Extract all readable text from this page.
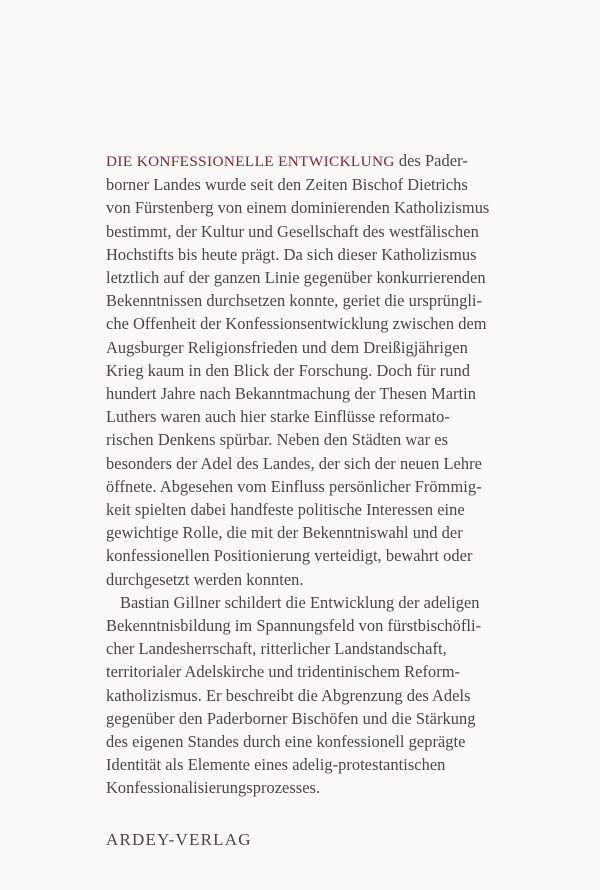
DIE KONFESSIONELLE ENTWICKLUNG des Pader-
borner Landes wurde seit den Zeiten Bischof Dietrichs
von Fürstenberg von einem dominierenden Katholizismus
bestimmt, der Kultur und Gesellschaft des westfälischen
Hochstifts bis heute prägt. Da sich dieser Katholizismus
letztlich auf der ganzen Linie gegenüber konkurrierenden
Bekenntnissen durchsetzen konnte, geriet die ursprüngli-
che Offenheit der Konfessionsentwicklung zwischen dem
Augsburger Religionsfrieden und dem Dreißigjährigen
Krieg kaum in den Blick der Forschung. Doch für rund
hundert Jahre nach Bekanntmachung der Thesen Martin
Luthers waren auch hier starke Einflüsse reformato-
rischen Denkens spürbar. Neben den Städten war es
besonders der Adel des Landes, der sich der neuen Lehre
öffnete. Abgesehen vom Einfluss persönlicher Frömmig-
keit spielten dabei handfeste politische Interessen eine
gewichtige Rolle, die mit der Bekenntniswahl und der
konfessionellen Positionierung verteidigt, bewahrt oder
durchgesetzt werden konnten.
Bastian Gillner schildert die Entwicklung der adeligen
Bekenntnisbildung im Spannungsfeld von fürstbischöfli-
cher Landesherrschaft, ritterlicher Landstandschaft,
territorialer Adelskirche und tridentinischem Reform-
katholizismus. Er beschreibt die Abgrenzung des Adels
gegenüber den Paderborner Bischöfen und die Stärkung
des eigenen Standes durch eine konfessionell geprägte
Identität als Elemente eines adelig-protestantischen
Konfessionalisierungsprozesses.
ARDEY-VERLAG
